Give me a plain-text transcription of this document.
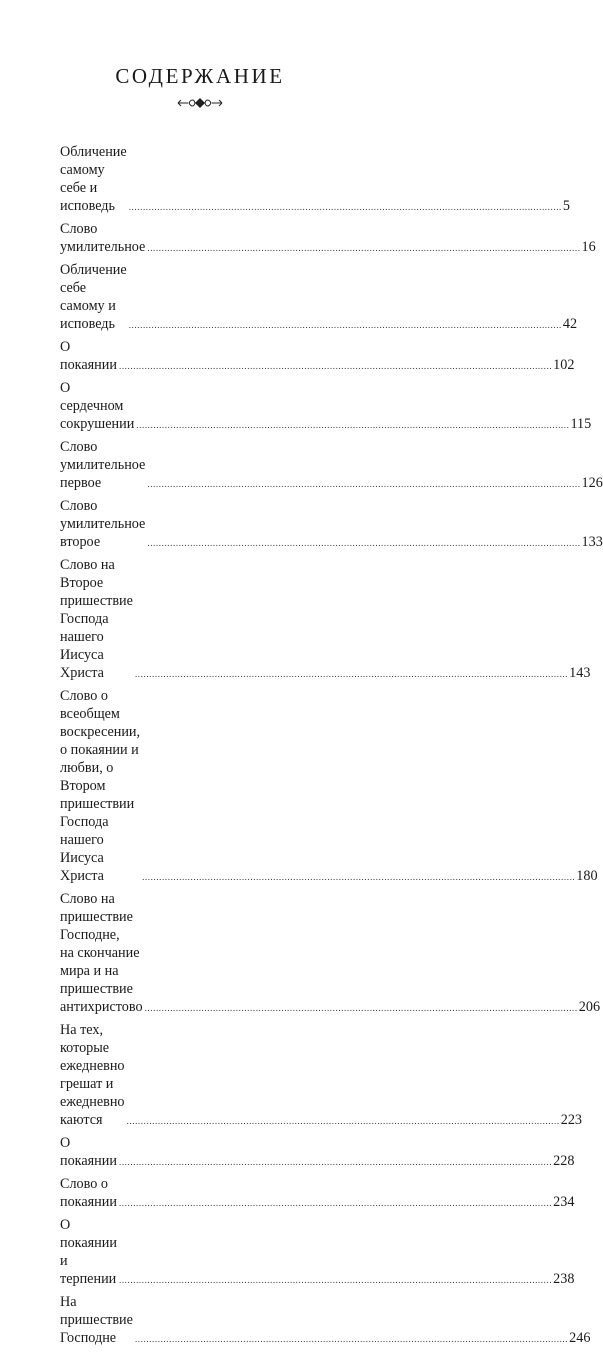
СОДЕРЖАНИЕ
Обличение самому себе и исповедь .....	5
Слово умилительное .....	16
Обличение себе самому и исповедь .....	42
О покаянии .....	102
О сердечном сокрушении .....	115
Слово умилительное первое .....	126
Слово умилительное второе .....	133
Слово на Второе пришествие
Господа нашего Иисуса Христа .....	143
Слово о всеобщем воскресении,
о покаянии и любви, о Втором пришествии
Господа нашего Иисуса Христа .....	180
Слово на пришествие Господне,
на скончание мира и на пришествие
антихристово .....	206
На тех, которые ежедневно
грешат и ежедневно каются .....	223
О покаянии .....	228
Слово о покаянии .....	234
О покаянии и терпении .....	238
На пришествие Господне .....	246
